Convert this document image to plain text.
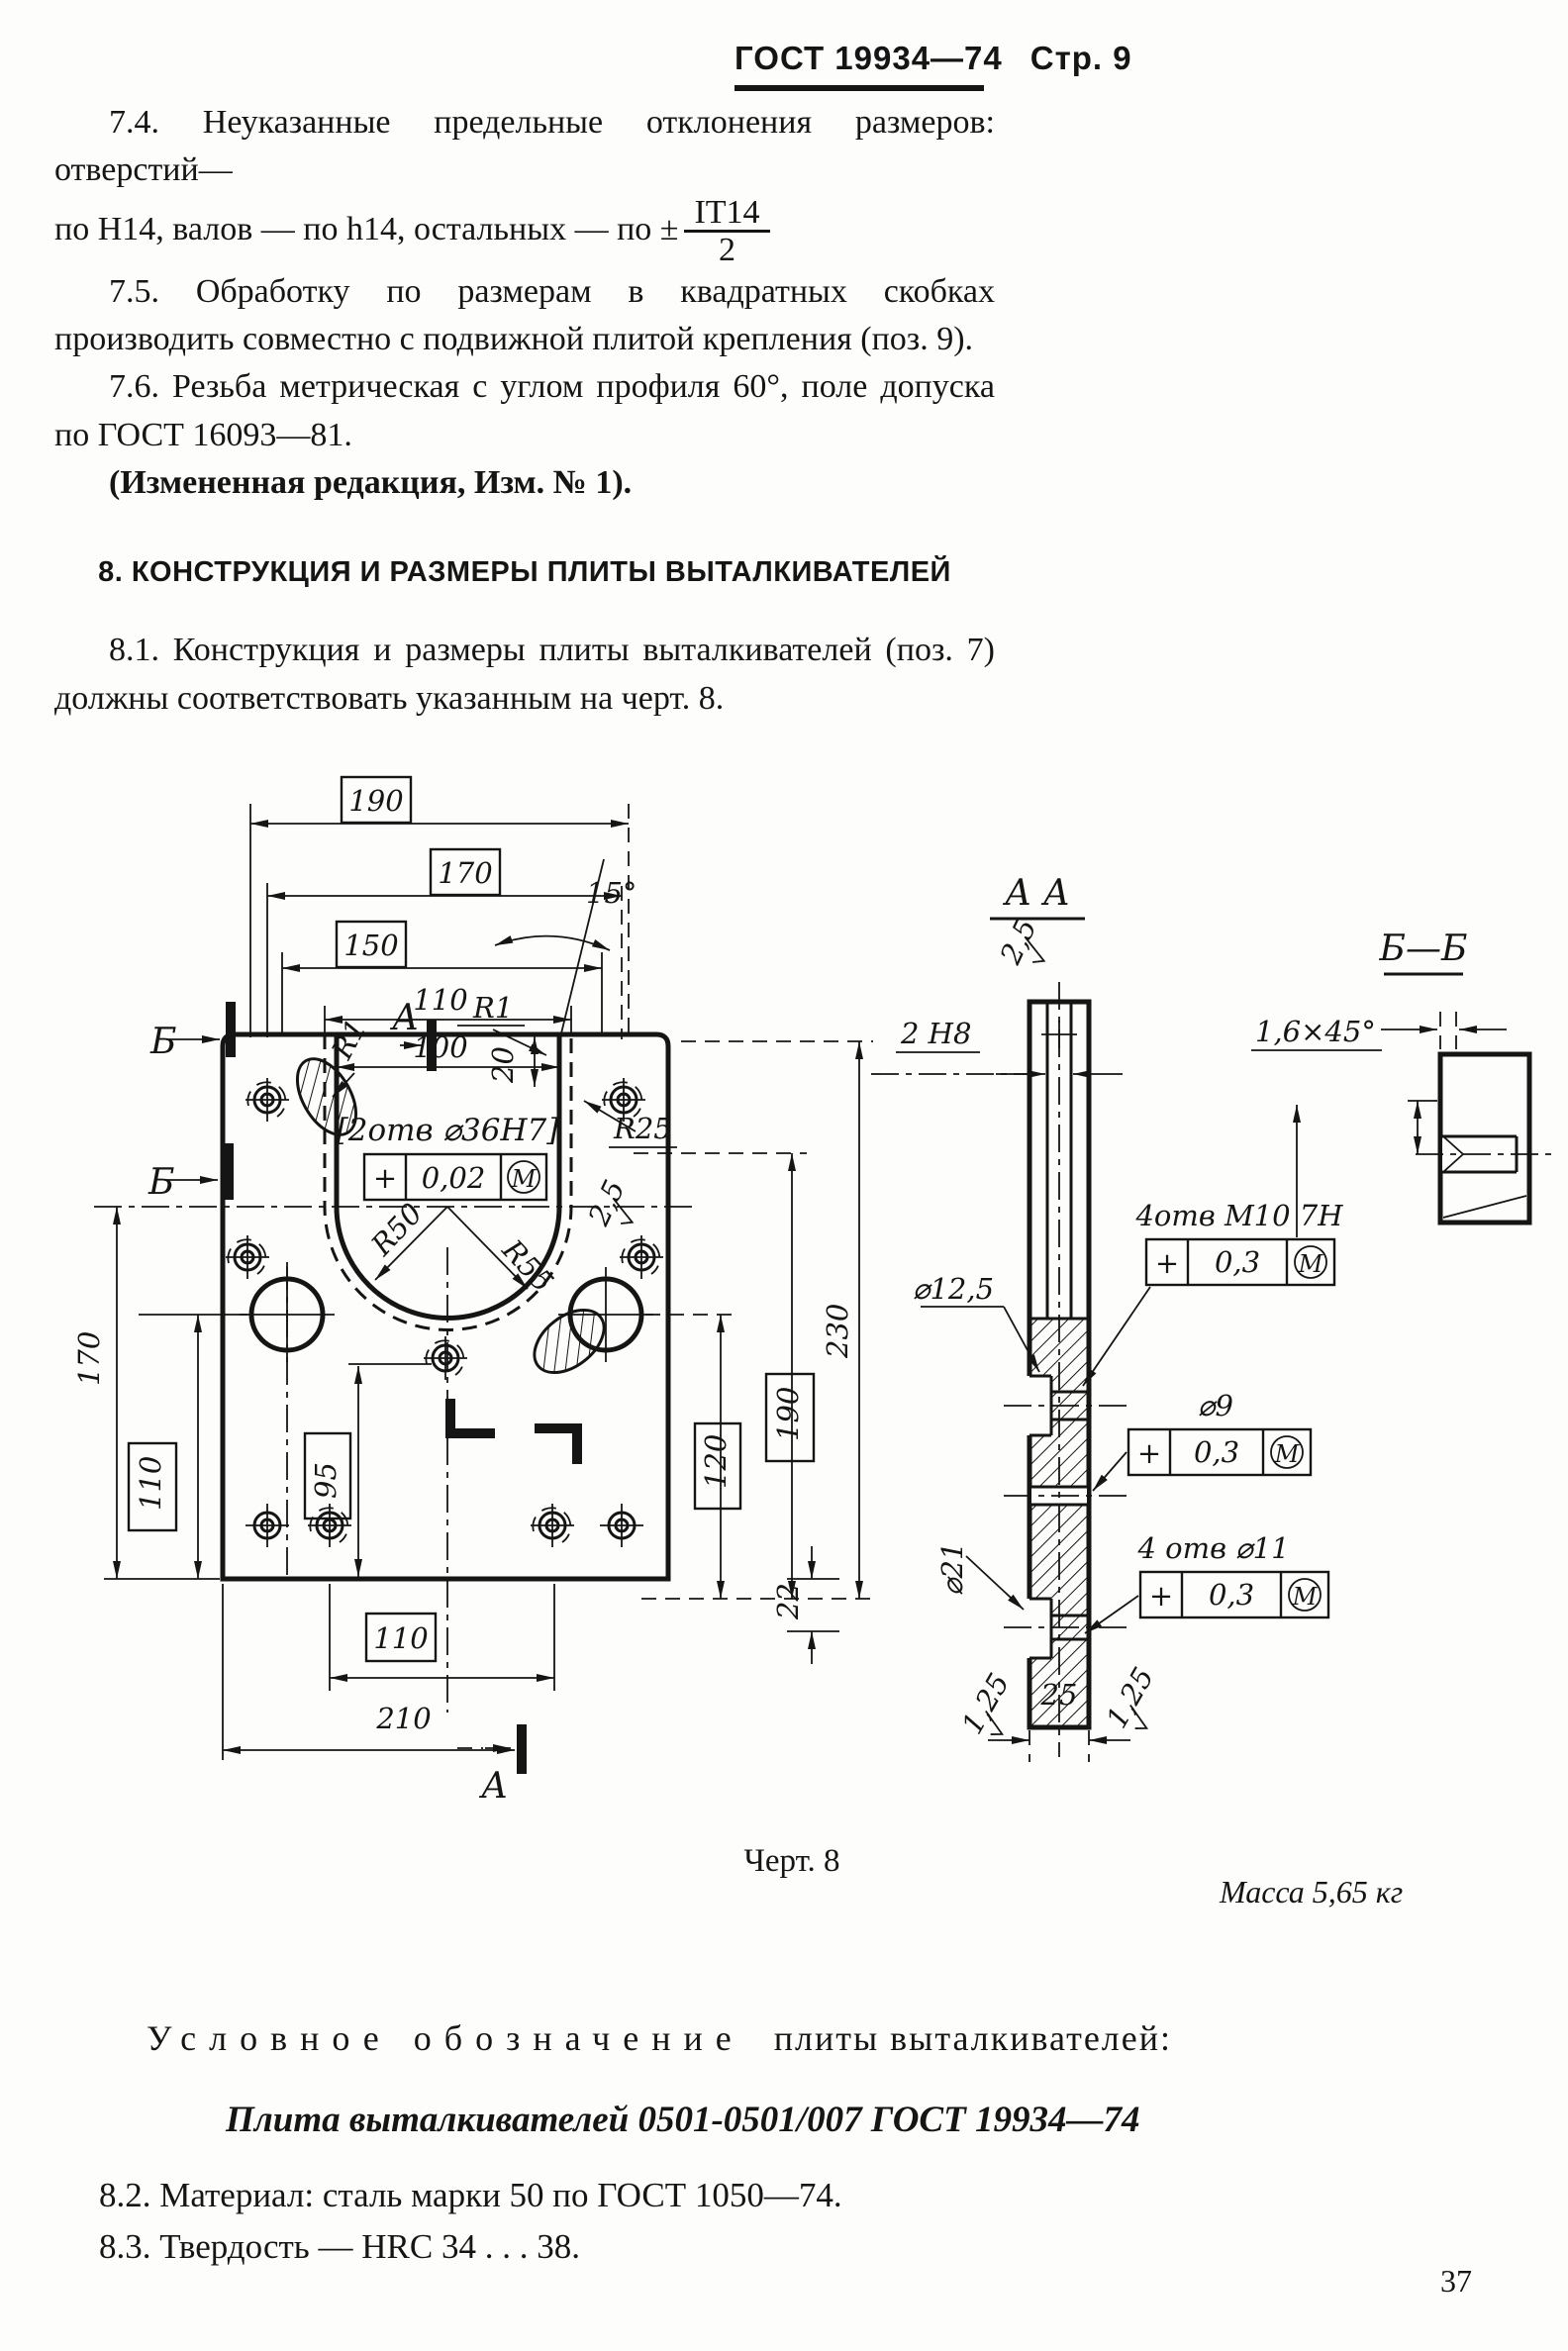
ГОСТ 19934—74 Стр. 9
7.4. Неуказанные предельные отклонения размеров: отверстий—
по H14, валов — по h14, остальных — по ± $\frac{IT14}{2}$
7.5. Обработку по размерам в квадратных скобках производить совместно с подвижной плитой крепления (поз. 9).
7.6. Резьба метрическая с углом профиля 60°, поле допуска по ГОСТ 16093—81.
(Измененная редакция, Изм. № 1).
8. КОНСТРУКЦИЯ И РАЗМЕРЫ ПЛИТЫ ВЫТАЛКИВАТЕЛЕЙ
8.1. Конструкция и размеры плиты выталкивателей (поз. 7) должны соответствовать указанным на черт. 8.
190
170
150
110
100
15°
Б
Б
А
А
R1
R1
20
[2отв ⌀36Н7]
+ 0,02 М
R50
R55
R25
2,5
170
110
110
210
95	120
190
230
22
А А
2,5
2 Н8
⌀12,5
4отв М10 7Н
+ 0,3 М
⌀9
+ 0,3 М
⌀21	4 отв ⌀11
+ 0,3 М
25
1,25	1,25
Б—Б
1,6×45°
Черт. 8
Масса 5,65 кг
Условное обозначение плиты выталкивателей:
Плита выталкивателей 0501-0501/007 ГОСТ 19934—74
8.2. Материал: сталь марки 50 по ГОСТ 1050—74.
8.3. Твердость — HRC 34 . . . 38.
37
